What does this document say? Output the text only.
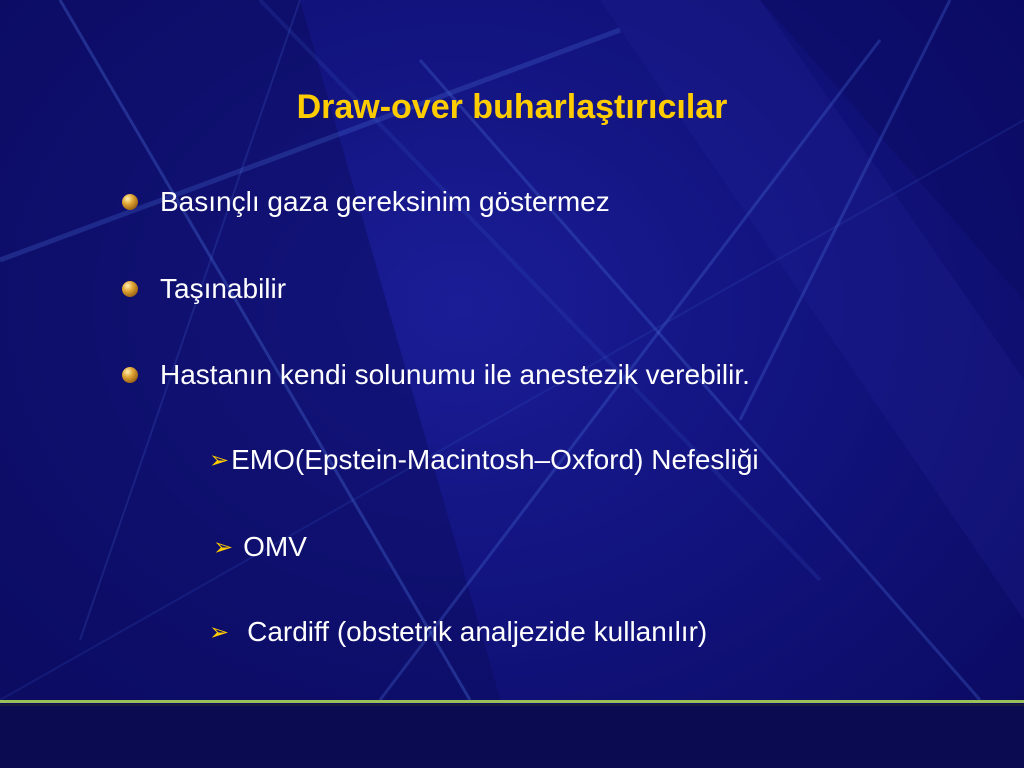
Draw-over buharlaştırıcılar
Basınçlı gaza gereksinim göstermez
Taşınabilir
Hastanın kendi solunumu ile anestezik verebilir.
➢ EMO(Epstein-Macintosh–Oxford) Nefesliği
➢ OMV
➢ Cardiff (obstetrik analjezide kullanılır)
